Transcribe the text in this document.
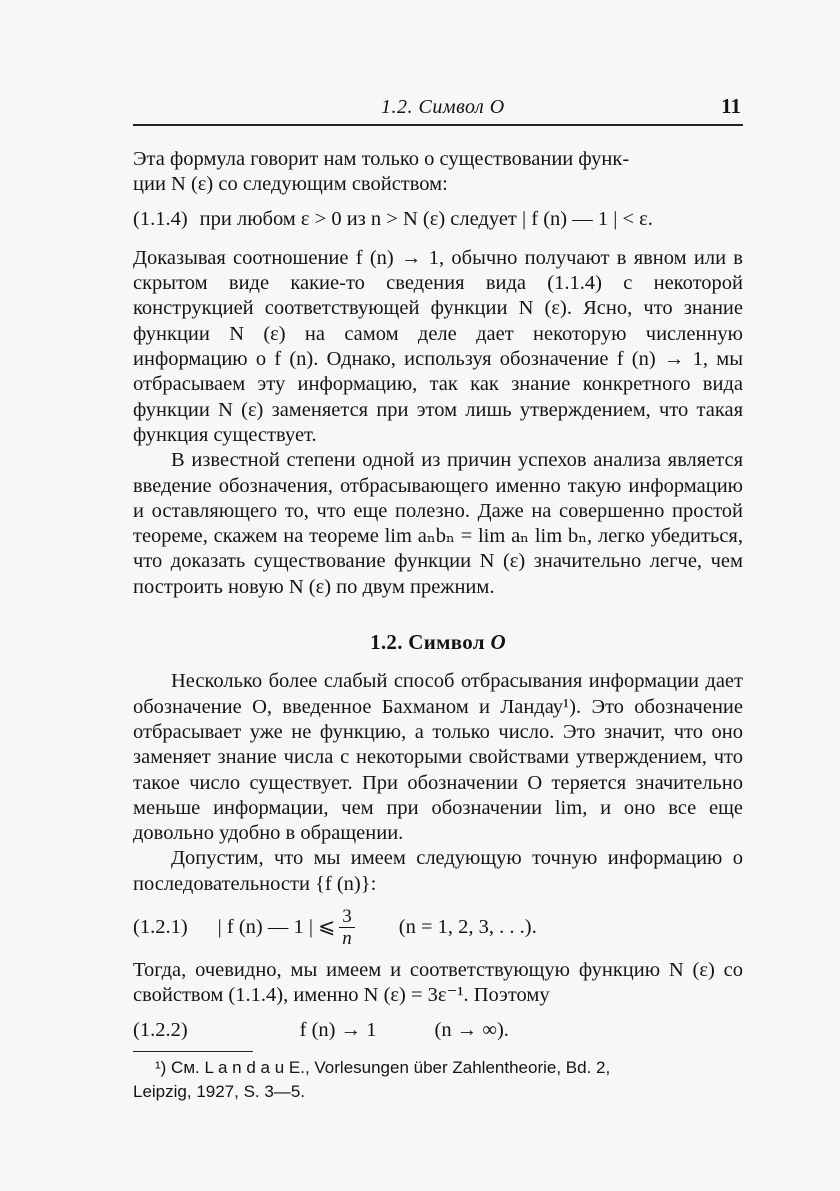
1.2. Символ O	11

Эта формула говорит нам только о существовании функ-

ции N (ε) со следующим свойством:

(1.1.4) при любом ε > 0 из n > N (ε) следует | f (n) — 1 | < ε.

Доказывая соотношение f (n) → 1, обычно получают в явном или в скрытом виде какие-то сведения вида (1.1.4) с некоторой конструкцией соответствующей функции N (ε). Ясно, что знание функции N (ε) на самом деле дает некоторую численную информацию о f (n). Однако, используя обозначение f (n) → 1, мы отбрасываем эту информацию, так как знание конкретного вида функции N (ε) заменяется при этом лишь утверждением, что такая функция существует.

В известной степени одной из причин успехов анализа является введение обозначения, отбрасывающего именно такую информацию и оставляющего то, что еще полезно. Даже на совершенно простой теореме, скажем на теореме lim aₙbₙ = lim aₙ lim bₙ, легко убедиться, что доказать существование функции N (ε) значительно легче, чем построить новую N (ε) по двум прежним.

1.2. Символ O

Несколько более слабый способ отбрасывания информации дает обозначение O, введенное Бахманом и Ландау¹). Это обозначение отбрасывает уже не функцию, а только число. Это значит, что оно заменяет знание числа с некоторыми свойствами утверждением, что такое число существует. При обозначении O теряется значительно меньше информации, чем при обозначении lim, и оно все еще довольно удобно в обращении.

Допустим, что мы имеем следующую точную информацию о последовательности {f (n)}:

(1.2.1) | f (n) — 1 | ⩽ $\frac{3}{n} (n = 1$, 2, 3, . . .).

Тогда, очевидно, мы имеем и соответствующую функцию N (ε) со свойством (1.1.4), именно N (ε) = 3ε⁻¹. Поэтому

(1.2.2)	f (n) → 1	(n → ∞).
¹) См. L a n d a u E., Vorlesungen über Zahlentheorie, Bd. 2,
Leipzig, 1927, S. 3—5.
